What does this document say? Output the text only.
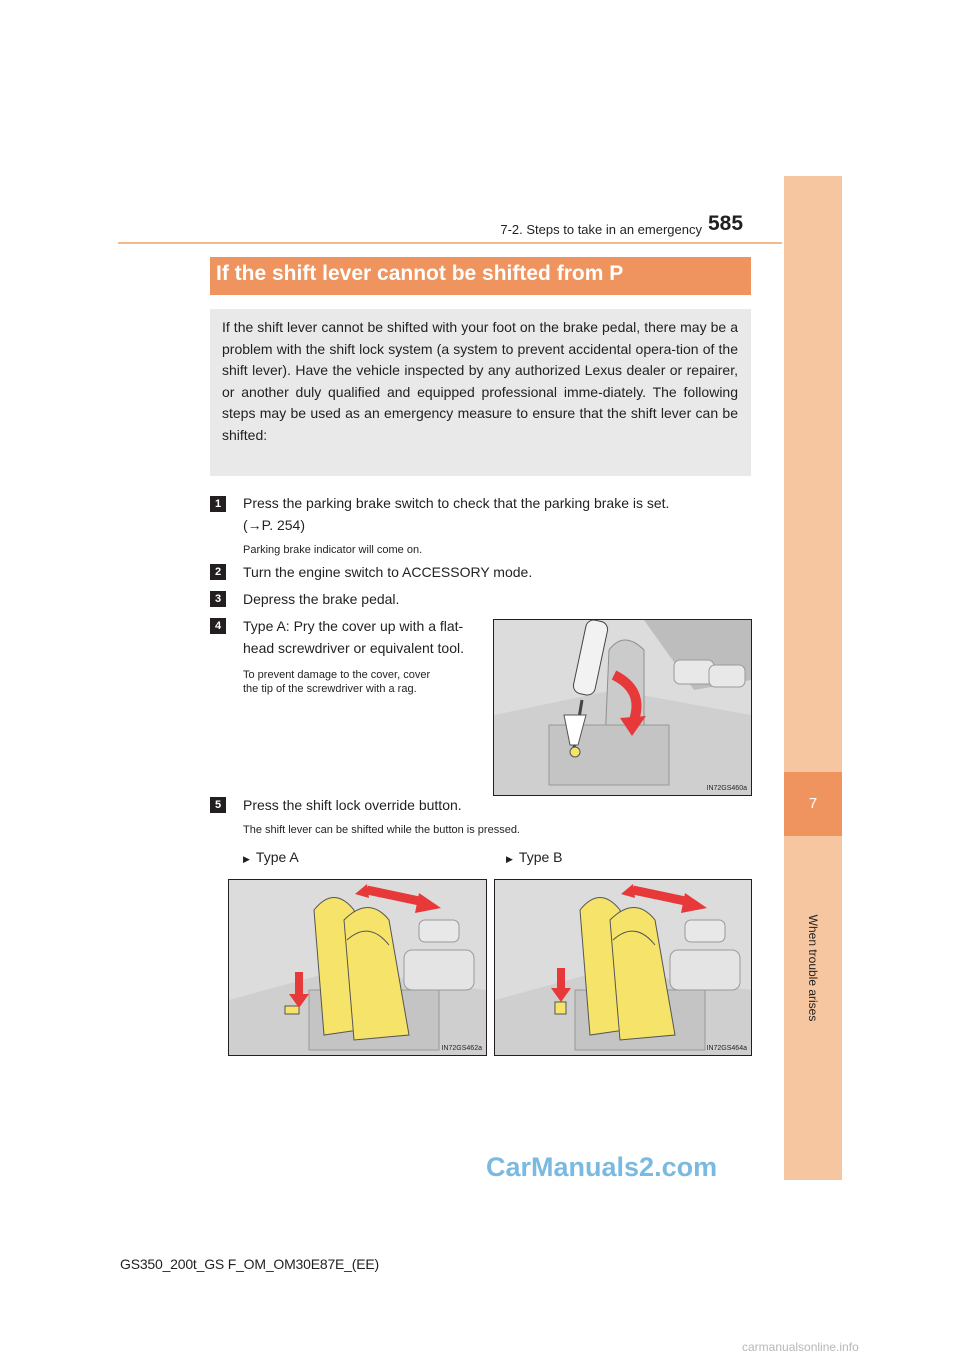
7
When trouble arises
7-2. Steps to take in an emergency 585
If the shift lever cannot be shifted from P

If the shift lever cannot be shifted with your foot on the brake pedal, there may be a problem with the shift lock system (a system to prevent accidental opera-tion of the shift lever). Have the vehicle inspected by any authorized Lexus dealer or repairer, or another duly qualified and equipped professional imme-diately. The following steps may be used as an emergency measure to ensure that the shift lever can be shifted:

1	Press the parking brake switch to check that the parking brake is set.
(→P. 254)
Parking brake indicator will come on.
2	Turn the engine switch to ACCESSORY mode.
3	Depress the brake pedal.
4	Type A: Pry the cover up with a flat-
head screwdriver or equivalent tool.
To prevent damage to the cover, cover
the tip of the screwdriver with a rag.
IN72GS460a
5	Press the shift lock override button.
The shift lever can be shifted while the button is pressed.
▶ Type A	▶ Type B
IN72GS462a	IN72GS464a
GS350_200t_GS F_OM_OM30E87E_(EE)
CarManuals2.com
carmanualsonline.info
